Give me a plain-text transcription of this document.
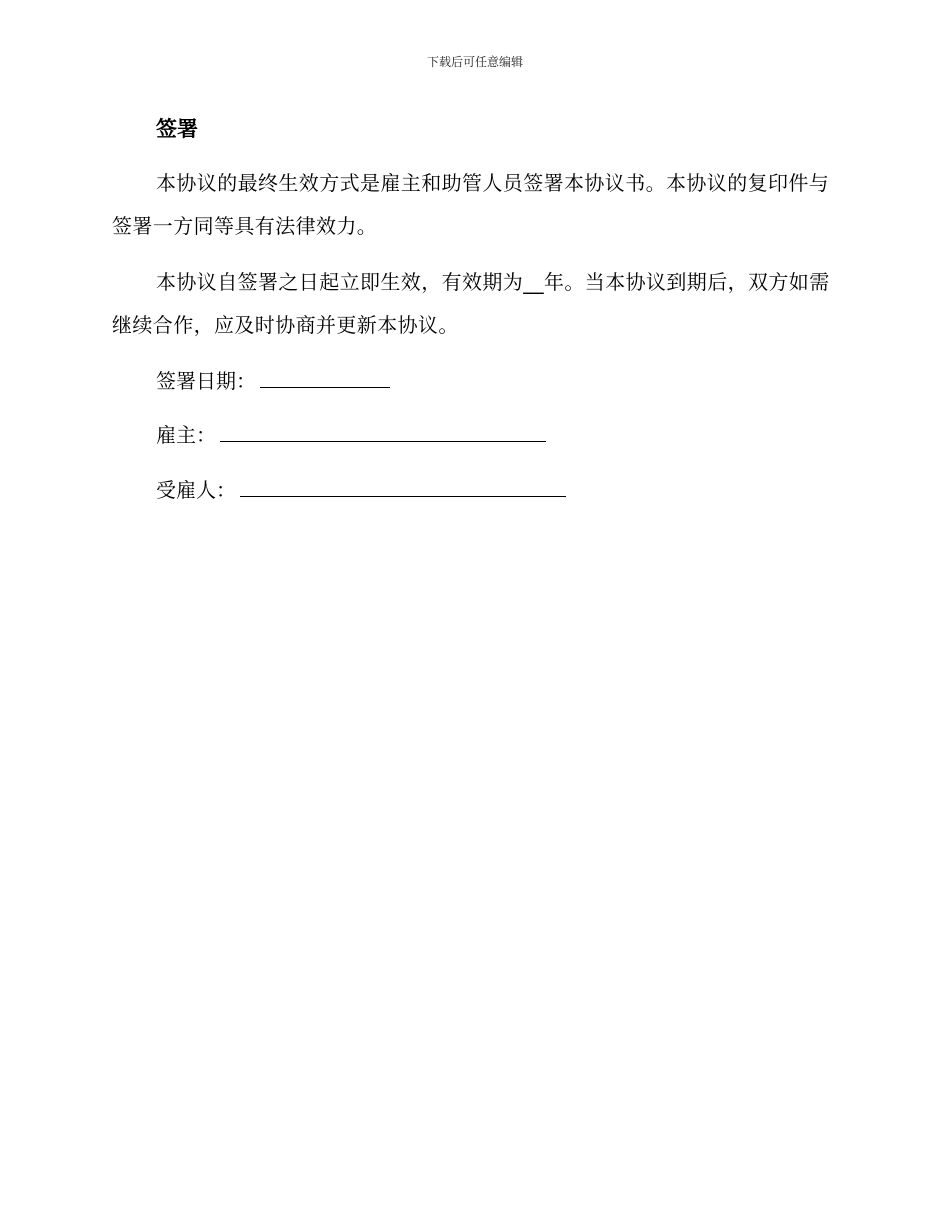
下载后可任意编辑
签署

本协议的最终生效方式是雇主和助管人员签署本协议书。本协议的复印件与签署一方同等具有法律效力。

本协议自签署之日起立即生效，有效期为__年。当本协议到期后，双方如需继续合作，应及时协商并更新本协议。

签署日期：
雇主：
受雇人：
